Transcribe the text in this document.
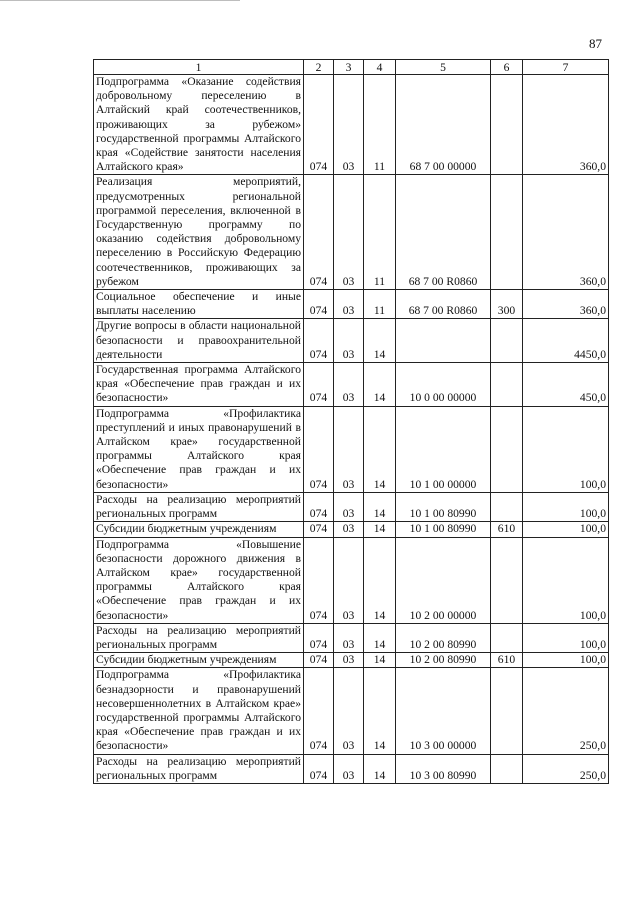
87
1	2	3	4	5	6	7
Подпрограмма «Оказание содействия добровольному переселению в Алтайский край соотечественников, проживающих за рубежом» государственной программы Алтайского края «Содействие занятости населения Алтайского края»	074	03	11	68 7 00 00000		360,0
Реализация мероприятий, предусмотренных региональной программой переселения, включенной в Государственную программу по оказанию содействия добровольному переселению в Российскую Федерацию соотечественников, проживающих за рубежом	074	03	11	68 7 00 R0860		360,0
Социальное обеспечение и иные выплаты населению	074	03	11	68 7 00 R0860	300	360,0
Другие вопросы в области национальной безопасности и правоохранительной деятельности	074	03	14			4450,0
Государственная программа Алтайского края «Обеспечение прав граждан и их безопасности»	074	03	14	10 0 00 00000		450,0
Подпрограмма «Профилактика преступлений и иных правонарушений в Алтайском крае» государственной программы Алтайского края «Обеспечение прав граждан и их безопасности»	074	03	14	10 1 00 00000		100,0
Расходы на реализацию мероприятий региональных программ	074	03	14	10 1 00 80990		100,0
Субсидии бюджетным учреждениям	074	03	14	10 1 00 80990	610	100,0
Подпрограмма «Повышение безопасности дорожного движения в Алтайском крае» государственной программы Алтайского края «Обеспечение прав граждан и их безопасности»	074	03	14	10 2 00 00000		100,0
Расходы на реализацию мероприятий региональных программ	074	03	14	10 2 00 80990		100,0
Субсидии бюджетным учреждениям	074	03	14	10 2 00 80990	610	100,0
Подпрограмма «Профилактика безнадзорности и правонарушений несовершеннолетних в Алтайском крае» государственной программы Алтайского края «Обеспечение прав граждан и их безопасности»	074	03	14	10 3 00 00000		250,0
Расходы на реализацию мероприятий региональных программ	074	03	14	10 3 00 80990		250,0
